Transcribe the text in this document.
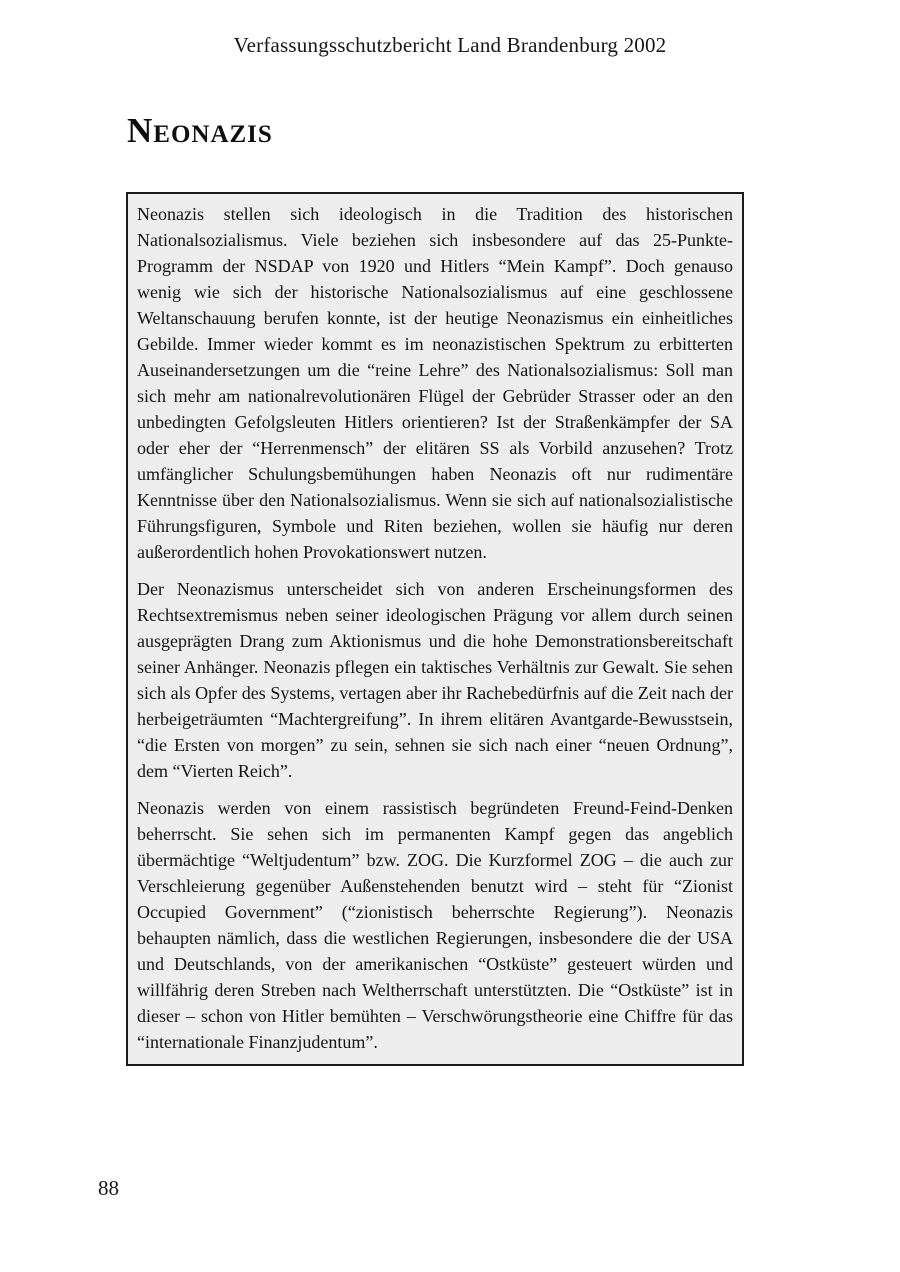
Verfassungsschutzbericht Land Brandenburg 2002
Neonazis

Neonazis stellen sich ideologisch in die Tradition des historischen Nationalsozialismus. Viele beziehen sich insbesondere auf das 25-Punkte-Programm der NSDAP von 1920 und Hitlers “Mein Kampf”. Doch genauso wenig wie sich der historische Nationalsozialismus auf eine geschlossene Weltanschauung berufen konnte, ist der heutige Neonazismus ein einheitliches Gebilde. Immer wieder kommt es im neonazistischen Spektrum zu erbitterten Auseinandersetzungen um die “reine Lehre” des Nationalsozialismus: Soll man sich mehr am nationalrevolutionären Flügel der Gebrüder Strasser oder an den unbedingten Gefolgsleuten Hitlers orientieren? Ist der Straßenkämpfer der SA oder eher der “Herrenmensch” der elitären SS als Vorbild anzusehen? Trotz umfänglicher Schulungsbemühungen haben Neonazis oft nur rudimentäre Kenntnisse über den Nationalsozialismus. Wenn sie sich auf nationalsozialistische Führungsfiguren, Symbole und Riten beziehen, wollen sie häufig nur deren außerordentlich hohen Provokationswert nutzen.

Der Neonazismus unterscheidet sich von anderen Erscheinungsformen des Rechtsextremismus neben seiner ideologischen Prägung vor allem durch seinen ausgeprägten Drang zum Aktionismus und die hohe Demonstrationsbereitschaft seiner Anhänger. Neonazis pflegen ein taktisches Verhältnis zur Gewalt. Sie sehen sich als Opfer des Systems, vertagen aber ihr Rachebedürfnis auf die Zeit nach der herbeigeträumten “Machtergreifung”. In ihrem elitären Avantgarde-Bewusstsein, “die Ersten von morgen” zu sein, sehnen sie sich nach einer “neuen Ordnung”, dem “Vierten Reich”.

Neonazis werden von einem rassistisch begründeten Freund-Feind-Denken beherrscht. Sie sehen sich im permanenten Kampf gegen das angeblich übermächtige “Weltjudentum” bzw. ZOG. Die Kurzformel ZOG – die auch zur Verschleierung gegenüber Außenstehenden benutzt wird – steht für “Zionist Occupied Government” (“zionistisch beherrschte Regierung”). Neonazis behaupten nämlich, dass die westlichen Regierungen, insbesondere die der USA und Deutschlands, von der amerikanischen “Ostküste” gesteuert würden und willfährig deren Streben nach Weltherrschaft unterstützten. Die “Ostküste” ist in dieser – schon von Hitler bemühten – Verschwörungstheorie eine Chiffre für das “internationale Finanzjudentum”.

88
